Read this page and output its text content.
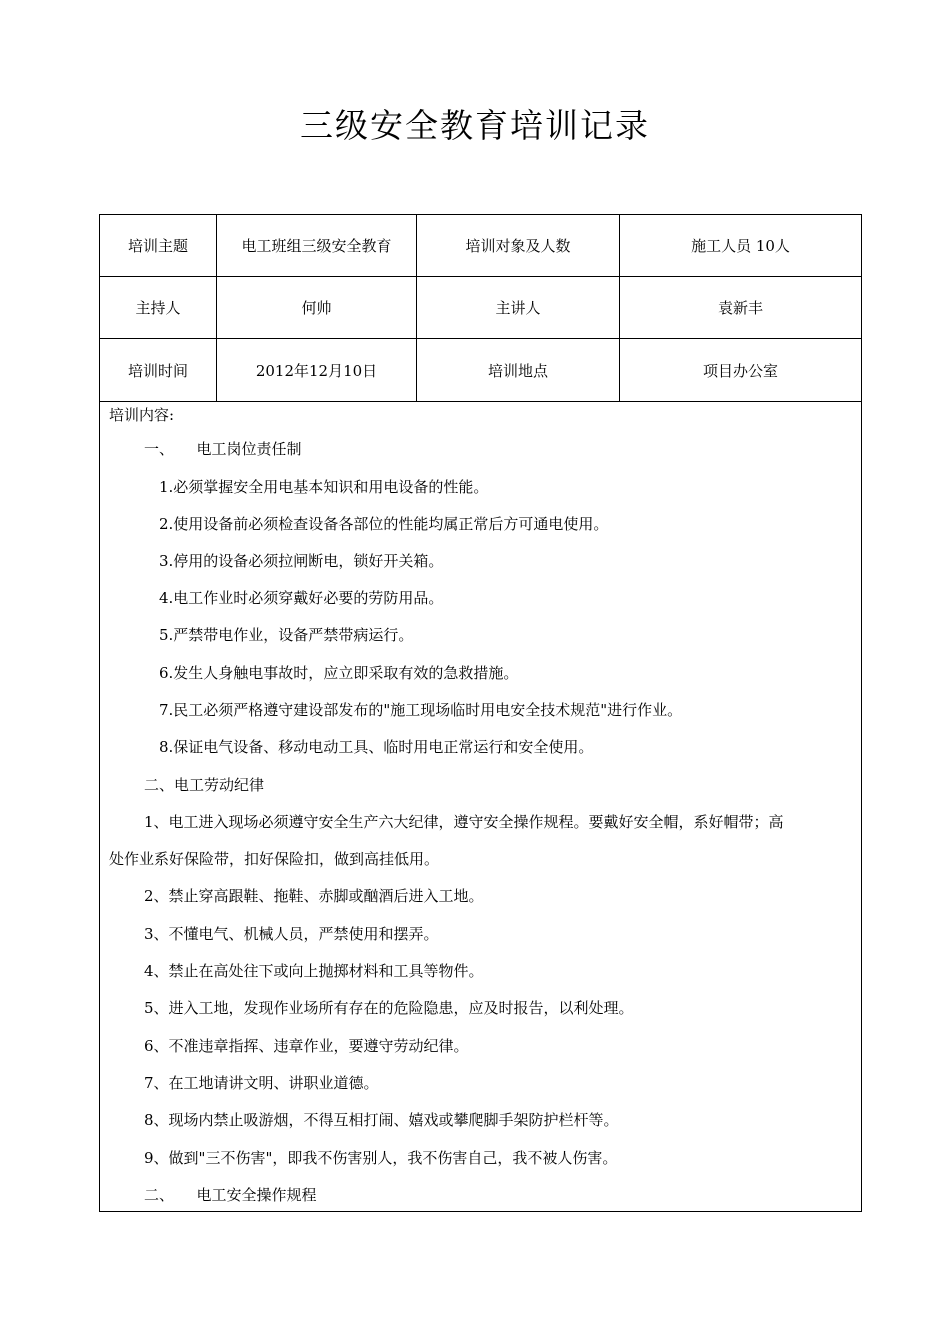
三级安全教育培训记录
培训主题	电工班组三级安全教育	培训对象及人数	施工人员 10人
主持人	何帅	主讲人	袁新丰
培训时间	2012年12月10日	培训地点	项目办公室
培训内容:
一、　　电工岗位责任制
1.必须掌握安全用电基本知识和用电设备的性能。
2.使用设备前必须检查设备各部位的性能均属正常后方可通电使用。
3.停用的设备必须拉闸断电，锁好开关箱。
4.电工作业时必须穿戴好必要的劳防用品。
5.严禁带电作业，设备严禁带病运行。
6.发生人身触电事故时，应立即采取有效的急救措施。
7.民工必须严格遵守建设部发布的"施工现场临时用电安全技术规范"进行作业。
8.保证电气设备、移动电动工具、临时用电正常运行和安全使用。
二、电工劳动纪律
1、电工进入现场必须遵守安全生产六大纪律，遵守安全操作规程。要戴好安全帽，系好帽带；高
处作业系好保险带，扣好保险扣，做到高挂低用。
2、禁止穿高跟鞋、拖鞋、赤脚或酗酒后进入工地。
3、不懂电气、机械人员，严禁使用和摆弄。
4、禁止在高处往下或向上抛掷材料和工具等物件。
5、进入工地，发现作业场所有存在的危险隐患，应及时报告，以利处理。
6、不准违章指挥、违章作业，要遵守劳动纪律。
7、在工地请讲文明、讲职业道德。
8、现场内禁止吸游烟，不得互相打闹、嬉戏或攀爬脚手架防护栏杆等。
9、做到"三不伤害"，即我不伤害别人，我不伤害自己，我不被人伤害。
二、　　电工安全操作规程
